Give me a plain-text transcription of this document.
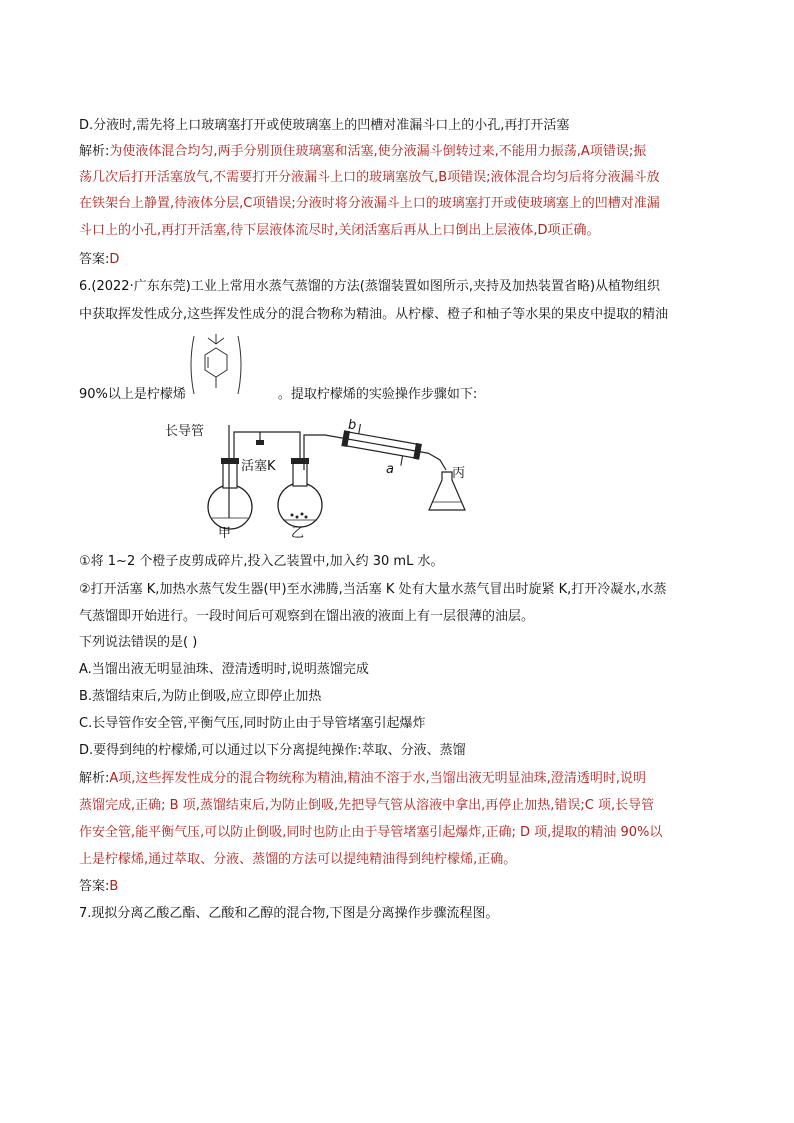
D.分液时,需先将上口玻璃塞打开或使玻璃塞上的凹槽对准漏斗口上的小孔,再打开活塞
解析:为使液体混合均匀,两手分别顶住玻璃塞和活塞,使分液漏斗倒转过来,不能用力振荡,A项错误;振
荡几次后打开活塞放气,不需要打开分液漏斗上口的玻璃塞放气,B项错误;液体混合均匀后将分液漏斗放
在铁架台上静置,待液体分层,C项错误;分液时将分液漏斗上口的玻璃塞打开或使玻璃塞上的凹槽对准漏
斗口上的小孔,再打开活塞,待下层液体流尽时,关闭活塞后再从上口倒出上层液体,D项正确。
答案:D
6.(2022·广东东莞)工业上常用水蒸气蒸馏的方法(蒸馏装置如图所示,夹持及加热装置省略)从植物组织
中获取挥发性成分,这些挥发性成分的混合物称为精油。从柠檬、橙子和柚子等水果的果皮中提取的精油
90%以上是柠檬烯	。提取柠檬烯的实验操作步骤如下:
长导管
活塞K
甲	乙
丙
a
b
①将 1~2 个橙子皮剪成碎片,投入乙装置中,加入约 30 mL 水。
②打开活塞 K,加热水蒸气发生器(甲)至水沸腾,当活塞 K 处有大量水蒸气冒出时旋紧 K,打开冷凝水,水蒸
气蒸馏即开始进行。一段时间后可观察到在馏出液的液面上有一层很薄的油层。
下列说法错误的是( )
A.当馏出液无明显油珠、澄清透明时,说明蒸馏完成
B.蒸馏结束后,为防止倒吸,应立即停止加热
C.长导管作安全管,平衡气压,同时防止由于导管堵塞引起爆炸
D.要得到纯的柠檬烯,可以通过以下分离提纯操作:萃取、分液、蒸馏
解析:A项,这些挥发性成分的混合物统称为精油,精油不溶于水,当馏出液无明显油珠,澄清透明时,说明
蒸馏完成,正确; B 项,蒸馏结束后,为防止倒吸,先把导气管从溶液中拿出,再停止加热,错误;C 项,长导管
作安全管,能平衡气压,可以防止倒吸,同时也防止由于导管堵塞引起爆炸,正确; D 项,提取的精油 90%以
上是柠檬烯,通过萃取、分液、蒸馏的方法可以提纯精油得到纯柠檬烯,正确。
答案:B
7.现拟分离乙酸乙酯、乙酸和乙醇的混合物,下图是分离操作步骤流程图。
